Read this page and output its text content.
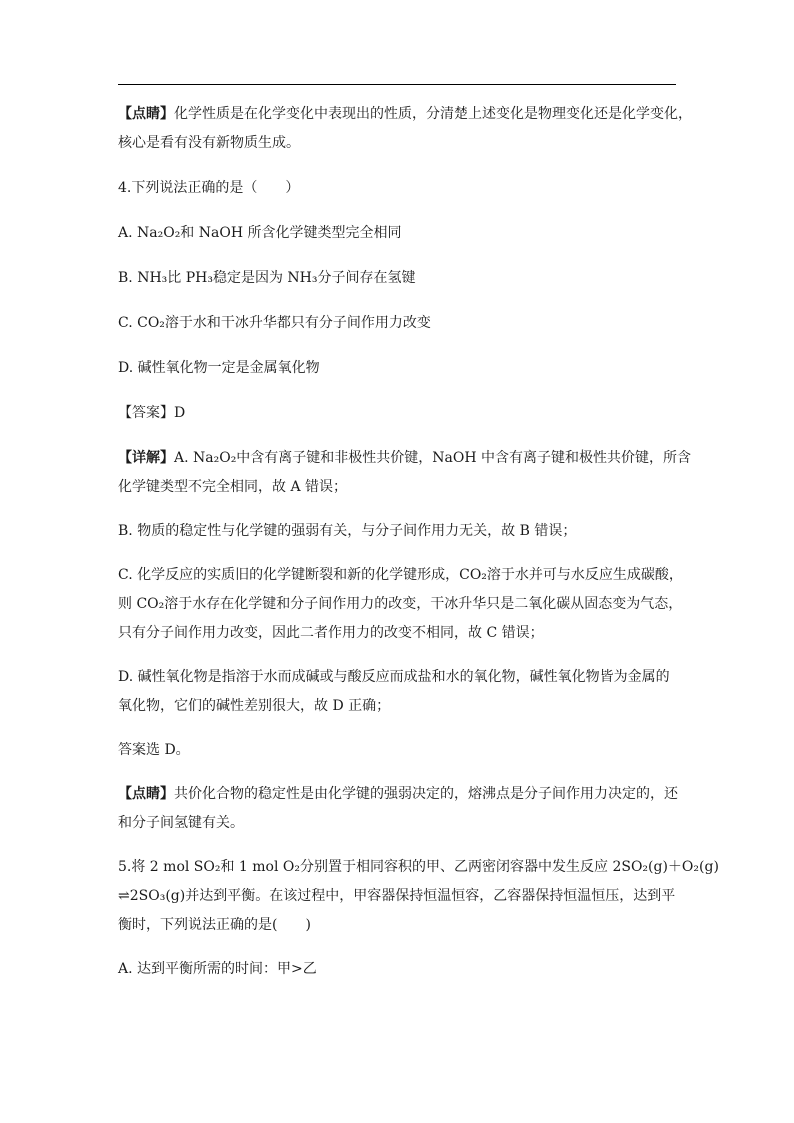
【点睛】化学性质是在化学变化中表现出的性质，分清楚上述变化是物理变化还是化学变化，

核心是看有没有新物质生成。

4.下列说法正确的是（　　）

A. Na₂O₂和 NaOH 所含化学键类型完全相同

B. NH₃比 PH₃稳定是因为 NH₃分子间存在氢键

C. CO₂溶于水和干冰升华都只有分子间作用力改变

D. 碱性氧化物一定是金属氧化物

【答案】D

【详解】A. Na₂O₂中含有离子键和非极性共价键，NaOH 中含有离子键和极性共价键，所含

化学键类型不完全相同，故 A 错误；

B. 物质的稳定性与化学键的强弱有关，与分子间作用力无关，故 B 错误；

C. 化学反应的实质旧的化学键断裂和新的化学键形成，CO₂溶于水并可与水反应生成碳酸，

则 CO₂溶于水存在化学键和分子间作用力的改变，干冰升华只是二氧化碳从固态变为气态，

只有分子间作用力改变，因此二者作用力的改变不相同，故 C 错误；

D. 碱性氧化物是指溶于水而成碱或与酸反应而成盐和水的氧化物，碱性氧化物皆为金属的

氧化物，它们的碱性差别很大，故 D 正确；

答案选 D。

【点睛】共价化合物的稳定性是由化学键的强弱决定的，熔沸点是分子间作用力决定的，还

和分子间氢键有关。

5.将 2 mol SO₂和 1 mol O₂分别置于相同容积的甲、乙两密闭容器中发生反应 2SO₂(g)＋O₂(g)

⇌2SO₃(g)并达到平衡。在该过程中，甲容器保持恒温恒容，乙容器保持恒温恒压，达到平

衡时，下列说法正确的是(　　)

A. 达到平衡所需的时间：甲>乙
